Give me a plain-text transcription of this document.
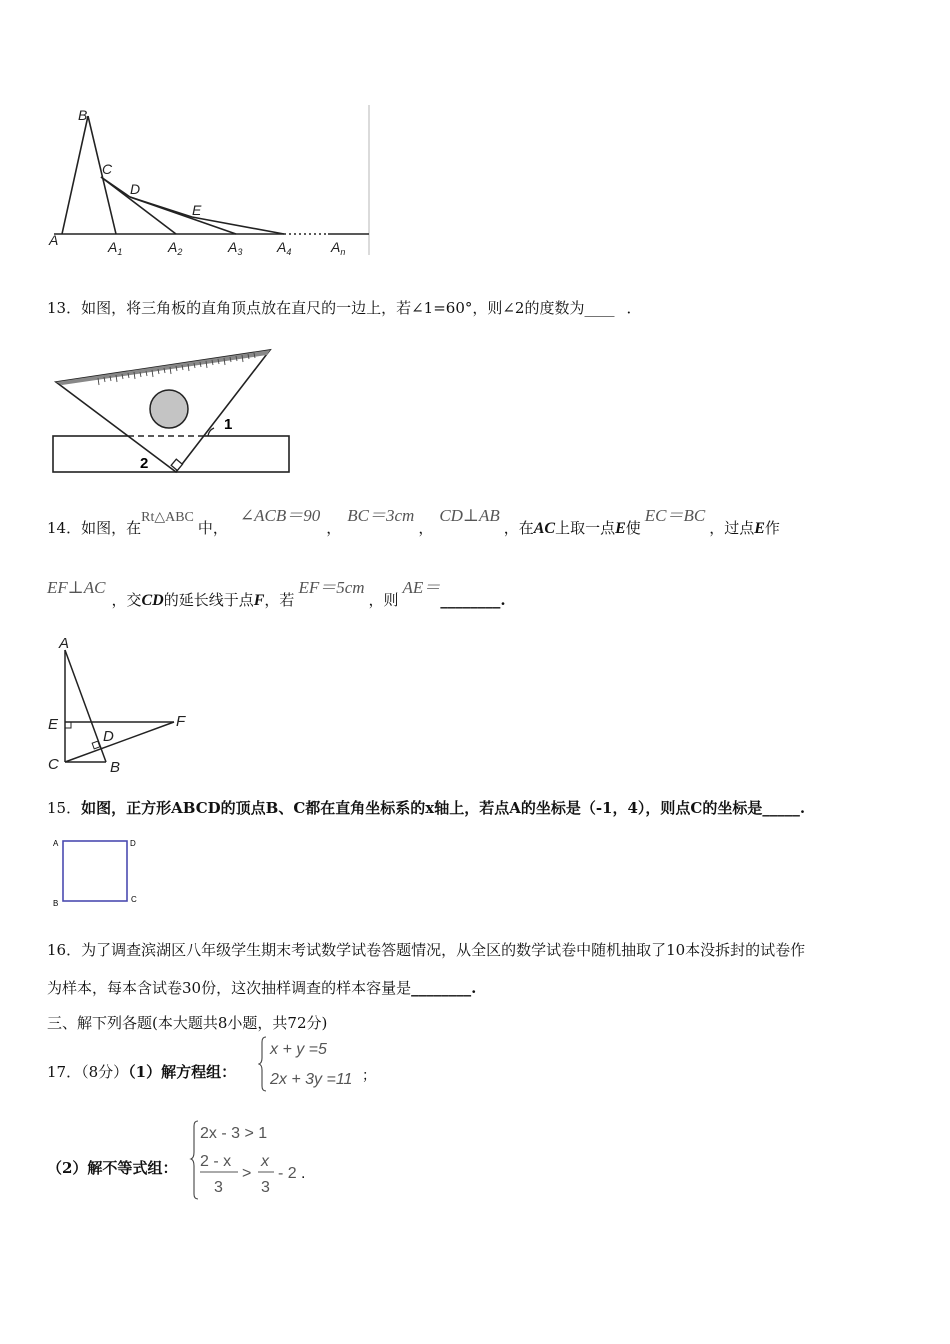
B
C
D
E
A	$A_1$	$A_2$	$A_3$ $A_4$	$A_n$
13．如图，将三角板的直角顶点放在直尺的一边上，若∠1=60°，则∠2的度数为____ ．
1
2
14．如图，在Rt△ABC中，∠ACB＝90，BC＝3cm，CD⊥AB，在AC上取一点E使EC＝BC，过点E作
EF⊥AC，交CD的延长线于点F，若EF＝5cm，则AE＝________.
A
E	F
D
C	B
15．如图，正方形ABCD的顶点B、C都在直角坐标系的x轴上，若点A的坐标是（-1，4），则点C的坐标是_____.
A	D
B	C
16．为了调查滨湖区八年级学生期末考试数学试卷答题情况，从全区的数学试卷中随机抽取了10本没拆封的试卷作
为样本，每本含试卷30份，这次抽样调查的样本容量是________.
三、解下列各题(本大题共8小题，共72分)
17．（8分）（1）解方程组：
x + y =5
2x + 3y =11 ；
（2）解不等式组：
2x - 3 > 1
2 - x
3
>
x
3
- 2 .
